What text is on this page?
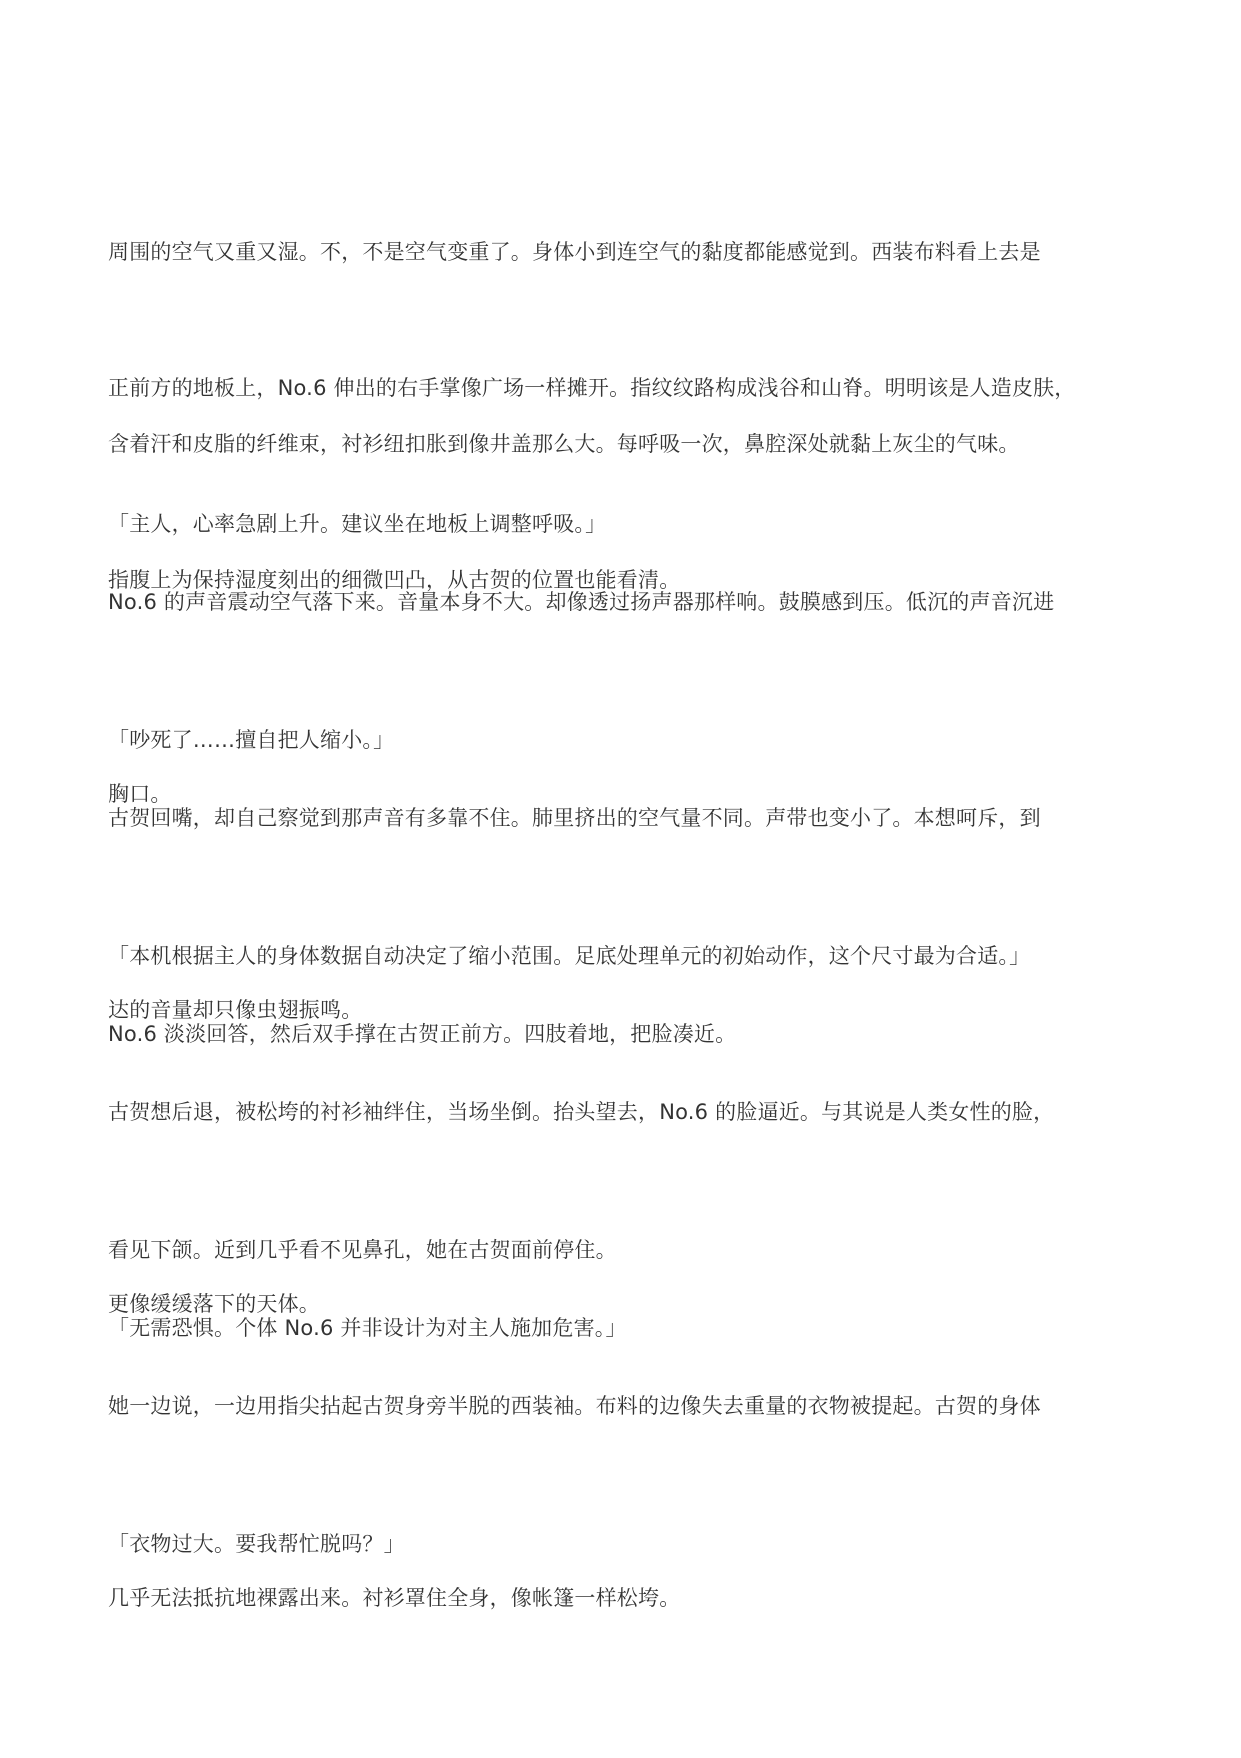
周围的空气又重又湿。不，不是空气变重了。身体小到连空气的黏度都能感觉到。西装布料看上去是

含着汗和皮脂的纤维束，衬衫纽扣胀到像井盖那么大。每呼吸一次，鼻腔深处就黏上灰尘的气味。

正前方的地板上，No.6 伸出的右手掌像广场一样摊开。指纹纹路构成浅谷和山脊。明明该是人造皮肤，

指腹上为保持湿度刻出的细微凹凸，从古贺的位置也能看清。

「主人，心率急剧上升。建议坐在地板上调整呼吸。」

No.6 的声音震动空气落下来。音量本身不大。却像透过扬声器那样响。鼓膜感到压。低沉的声音沉进

胸口。

「吵死了……擅自把人缩小。」

古贺回嘴，却自己察觉到那声音有多靠不住。肺里挤出的空气量不同。声带也变小了。本想呵斥，到

达的音量却只像虫翅振鸣。

「本机根据主人的身体数据自动决定了缩小范围。足底处理单元的初始动作，这个尺寸最为合适。」

No.6 淡淡回答，然后双手撑在古贺正前方。四肢着地，把脸凑近。

古贺想后退，被松垮的衬衫袖绊住，当场坐倒。抬头望去，No.6 的脸逼近。与其说是人类女性的脸，

更像缓缓落下的天体。

看见下颌。近到几乎看不见鼻孔，她在古贺面前停住。

「无需恐惧。个体 No.6 并非设计为对主人施加危害。」

她一边说，一边用指尖拈起古贺身旁半脱的西装袖。布料的边像失去重量的衣物被提起。古贺的身体

几乎无法抵抗地裸露出来。衬衫罩住全身，像帐篷一样松垮。

「衣物过大。要我帮忙脱吗？」
